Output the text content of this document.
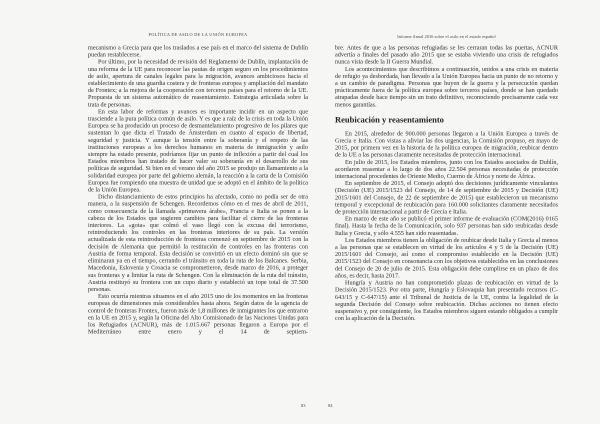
POLÍTICA DE ASILO DE LA UNIÓN EUROPEA

mecanismo a Grecia para que los traslados a ese país en el marco del sistema de Dublín puedan restablecerse.

Por último, por la necesidad de revisión del Reglamento de Dublín, implantación de una reforma de la UE para reconocer las pautas de origen seguro en los procedimientos de asilo, apertura de canales legales para la migración, avances ambiciosos hacia el establecimiento de una guardia costera y de fronteras europea y ampliación del mandato de Frontex; a la mejora de la cooperación con terceros países para el retorno de la UE. Propuesta de un sistema automático de reasentamiento. Estrategia articulada sobre la trata de personas.

En esta labor de reformas y avances es importante incidir en un aspecto que trasciende a la pura política común de asilo. Y es que a raíz de la crisis en toda la Unión Europea se ha producido un proceso de desmantelamiento progresivo de los pilares que sustentan lo que dicta el Tratado de Ámsterdam en cuanto al espacio de libertad, seguridad y justicia. Y aunque la tensión entre la soberanía y el respeto de las instituciones europeas a los derechos humanos en materia de inmigración y asilo siempre ha estado presente, podríamos fijar un punto de inflexión a partir del cual los Estados miembros han tratado de hacer valer su soberanía en el desarrollo de sus políticas de seguridad. Si bien en el verano del año 2015 se produjo un llamamiento a la solidaridad europea por parte del gobierno alemán, la reacción a la carta de la Comisión Europea fue rompiendo una muestra de unidad que se adoptó en el ámbito de la política de la Unión Europea.

Dicho distanciamiento de estos principios ha afectado, como no podía ser de otra manera, a la suspensión de Schengen. Recordemos cómo en el mes de abril de 2011, como consecuencia de la llamada «primavera árabe», Francia e Italia se ponen a la cabeza de los Estados que sugieren cambios para facilitar el cierre de las fronteras interiores. La «gota» que colmó el vaso llegó con la excusa del terrorismo, reintroduciendo los controles en las fronteras interiores de su país. La versión actualizada de esta reintroducción de fronteras comenzó en septiembre de 2015 con la decisión de Alemania que permitió la restitución de controles en las fronteras con Austria de forma temporal. Esta decisión se convirtió en un efecto dominó sin que se eliminaran ya en el tiempo, cerrando el tránsito en toda la ruta de los Balcanes. Serbia, Macedonia, Eslovenia y Croacia se comprometieron, desde marzo de 2016, a proteger sus fronteras y a limitar la ruta de Schengen. Con la eliminación de la ruta del tránsito, Austria restituyó su frontera con un cupo diario y estableció un tope total de 37.500 personas.

Esto ocurría mientras situamos en el año 2015 uno de los momentos en las fronteras europeas de dimensiones más considerables hasta ahora. Según datos de la agencia de control de fronteras Frontex, fueron más de 1,8 millones de inmigrantes los que entraron en la UE en 2015 y, según la Oficina del Alto Comisionado de las Naciones Unidas para los Refugiados (ACNUR), más de 1.015.667 personas llegaron a Europa por el Mediterráneo entre enero y el 14 de septiem-

83
Informe Anual 2016 sobre el asilo en el estado español

bre. Antes de que a las personas refugiadas se les cerraran todas las puertas, ACNUR advertía a finales del pasado año 2015 que se estaba viviendo una crisis de refugiados nunca vista desde la II Guerra Mundial.

Los acontecimientos que describimos a continuación, unidos a una crisis en materia de refugio ya desbordada, han llevado a la Unión Europea hacia un punto de no retorno y a un cambio de paradigma. Personas que huyen de la guerra y la persecución quedan prácticamente fuera de la política europea sobre terceros países, donde se han quedado atrapadas desde hace tiempo sin un trato definitivo, reconociendo precisamente cada vez menos garantías.

Reubicación y reasentamiento

En 2015, alrededor de 900.000 personas llegaron a la Unión Europea a través de Grecia e Italia. Con vistas a aliviar las dos urgencias, la Comisión propuso, en mayo de 2015, por primera vez en la historia de la política europea de migración, reubicar dentro de la UE a las personas claramente necesitadas de protección internacional.

En julio de 2015, los Estados miembros, junto con los Estados asociados de Dublín, acordaron reasentar a lo largo de dos años 22.504 personas necesitadas de protección internacional procedentes de Oriente Medio, Cuerno de África y norte de África.

En septiembre de 2015, el Consejo adoptó dos decisiones jurídicamente vinculantes (Decisión (UE) 2015/1523 del Consejo, de 14 de septiembre de 2015 y Decisión (UE) 2015/1601 del Consejo, de 22 de septiembre de 2015) que establecieron un mecanismo temporal y excepcional de reubicación para 160.000 solicitantes claramente necesitados de protección internacional a partir de Grecia e Italia.

En marzo de este año se publicó el primer informe de evaluación (COM(2016) 0165 final). Hasta la fecha de la Comunicación, solo 937 personas han sido reubicadas desde Italia y Grecia, y sólo 4.555 han sido reasentadas.

Los Estados miembros tienen la obligación de reubicar desde Italia y Grecia al menos a las personas que se establecen en virtud de los artículos 4 y 5 de la Decisión (UE) 2015/1601 del Consejo, así como el compromiso establecido en la Decisión (UE) 2015/1523 del Consejo en consonancia con los objetivos establecidos en las conclusiones del Consejo de 20 de julio de 2015. Esta obligación debe cumplirse en un plazo de dos años, es decir, hasta 2017.

Hungría y Austria no han comprometido plazas de reubicación en virtud de la Decisión 2015/1523. Por otra parte, Hungría y Eslovaquia han presentado recursos (C-643/15 y C-647/15) ante el Tribunal de Justicia de la UE, contra la legalidad de la segunda Decisión del Consejo sobre reubicación. Dichas acciones no tienen efecto suspensivo y, por consiguiente, los Estados miembros siguen estando obligados a cumplir con la aplicación de la Decisión.

84
